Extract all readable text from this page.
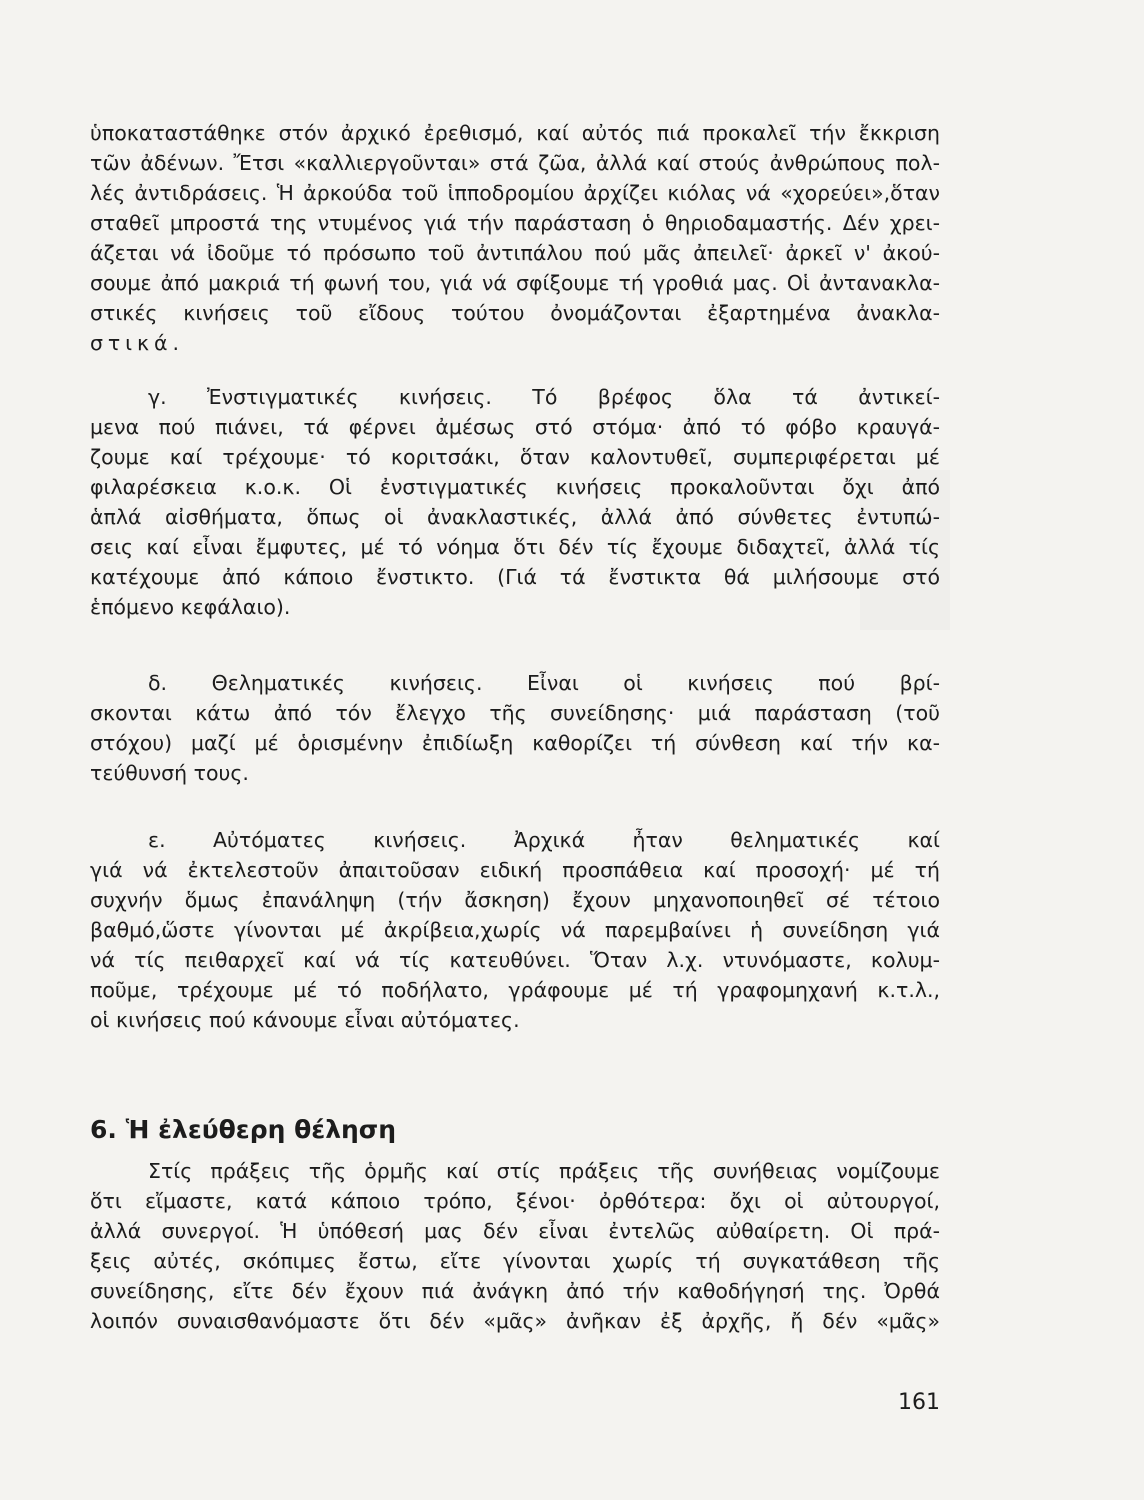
ὑποκαταστάθηκε στόν ἀρχικό ἐρεθισμό, καί αὐτός πιά προκαλεῖ τήν ἔκκριση
τῶν ἀδένων. Ἔτσι «καλλιεργοῦνται» στά ζῶα, ἀλλά καί στούς ἀνθρώπους πολ-
λές ἀντιδράσεις. Ἡ ἀρκούδα τοῦ ἱπποδρομίου ἀρχίζει κιόλας νά «χορεύει»,ὅταν
σταθεῖ μπροστά της ντυμένος γιά τήν παράσταση ὁ θηριοδαμαστής. Δέν χρει-
άζεται νά ἰδοῦμε τό πρόσωπο τοῦ ἀντιπάλου πού μᾶς ἀπειλεῖ· ἀρκεῖ ν' ἀκού-
σουμε ἀπό μακριά τή φωνή του, γιά νά σφίξουμε τή γροθιά μας. Οἱ ἀντανακλα-
στικές κινήσεις τοῦ εἴδους τούτου ὀνομάζονται ἐξαρτημένα ἀνακλα-
στικά.
γ. Ἐνστιγματικές κινήσεις. Τό βρέφος ὅλα τά ἀντικεί-
μενα πού πιάνει, τά φέρνει ἀμέσως στό στόμα· ἀπό τό φόβο κραυγά-
ζουμε καί τρέχουμε· τό κοριτσάκι, ὅταν καλοντυθεῖ, συμπεριφέρεται μέ
φιλαρέσκεια κ.ο.κ. Οἱ ἐνστιγματικές κινήσεις προκαλοῦνται ὄχι ἀπό
ἁπλά αἰσθήματα, ὅπως οἱ ἀνακλαστικές, ἀλλά ἀπό σύνθετες ἐντυπώ-
σεις καί εἶναι ἔμφυτες, μέ τό νόημα ὅτι δέν τίς ἔχουμε διδαχτεῖ, ἀλλά τίς
κατέχουμε ἀπό κάποιο ἔνστικτο. (Γιά τά ἔνστικτα θά μιλήσουμε στό
ἑπόμενο κεφάλαιο).
δ. Θεληματικές κινήσεις. Εἶναι οἱ κινήσεις πού βρί-
σκονται κάτω ἀπό τόν ἔλεγχο τῆς συνείδησης· μιά παράσταση (τοῦ
στόχου) μαζί μέ ὁρισμένην ἐπιδίωξη καθορίζει τή σύνθεση καί τήν κα-
τεύθυνσή τους.
ε. Αὐτόματες κινήσεις. Ἀρχικά ἦταν θεληματικές καί
γιά νά ἐκτελεστοῦν ἀπαιτοῦσαν ειδική προσπάθεια καί προσοχή· μέ τή
συχνήν ὅμως ἐπανάληψη (τήν ἄσκηση) ἔχουν μηχανοποιηθεῖ σέ τέτοιο
βαθμό,ὥστε γίνονται μέ ἀκρίβεια,χωρίς νά παρεμβαίνει ἡ συνείδηση γιά
νά τίς πειθαρχεῖ καί νά τίς κατευθύνει. Ὅταν λ.χ. ντυνόμαστε, κολυμ-
ποῦμε, τρέχουμε μέ τό ποδήλατο, γράφουμε μέ τή γραφομηχανή κ.τ.λ.,
οἱ κινήσεις πού κάνουμε εἶναι αὐτόματες.
6. Ἡ ἐλεύθερη θέληση
Στίς πράξεις τῆς ὁρμῆς καί στίς πράξεις τῆς συνήθειας νομίζουμε
ὅτι εἴμαστε, κατά κάποιο τρόπο, ξένοι· ὀρθότερα: ὄχι οἱ αὐτουργοί,
ἀλλά συνεργοί. Ἡ ὑπόθεσή μας δέν εἶναι ἐντελῶς αὐθαίρετη. Οἱ πρά-
ξεις αὐτές, σκόπιμες ἔστω, εἴτε γίνονται χωρίς τή συγκατάθεση τῆς
συνείδησης, εἴτε δέν ἔχουν πιά ἀνάγκη ἀπό τήν καθοδήγησή της. Ὀρθά
λοιπόν συναισθανόμαστε ὅτι δέν «μᾶς» ἀνῆκαν ἐξ ἀρχῆς, ἤ δέν «μᾶς»
161
